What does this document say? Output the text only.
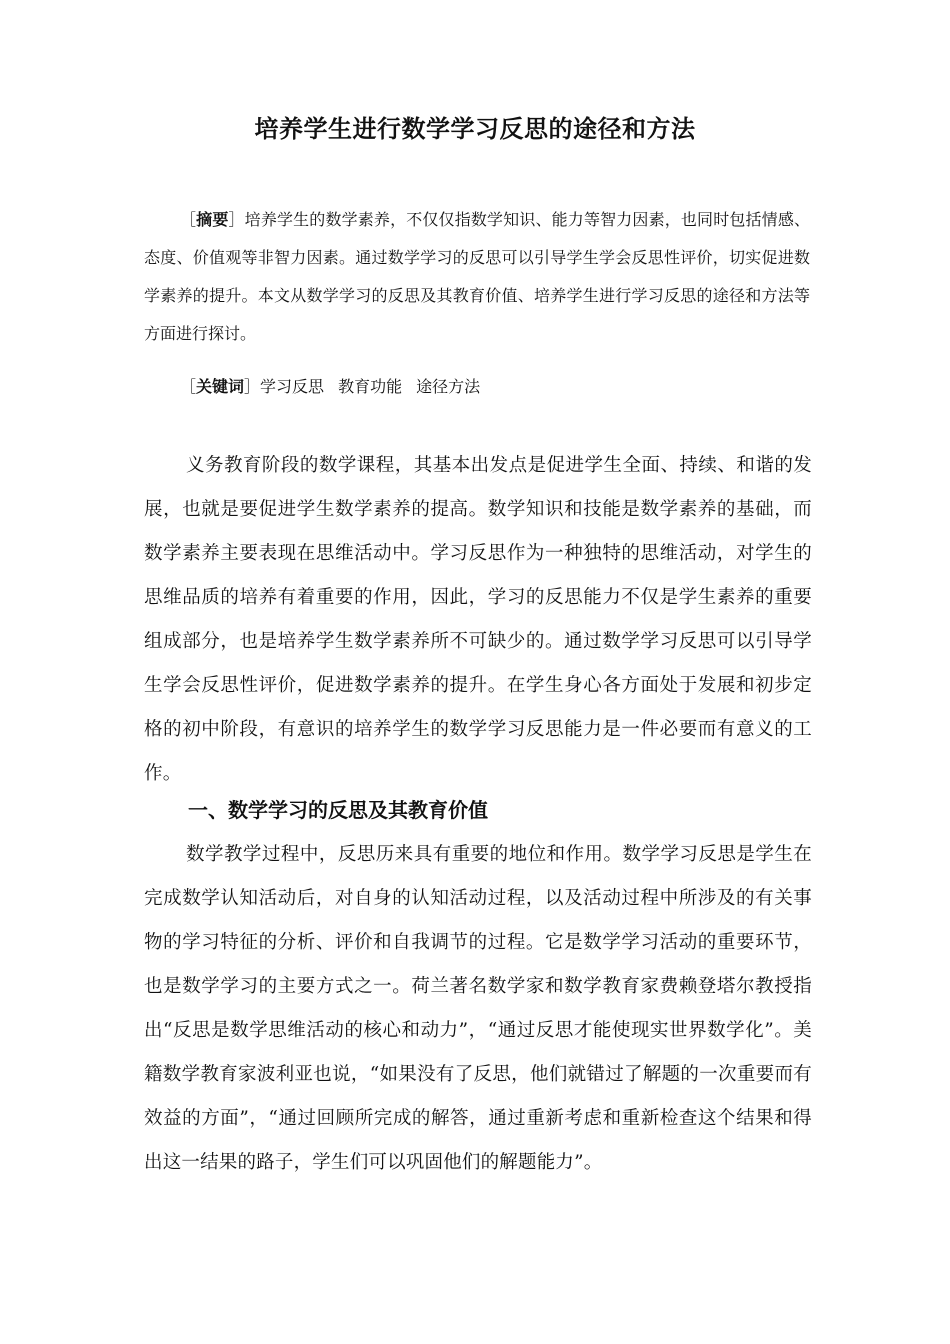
培养学生进行数学学习反思的途径和方法

［摘要］培养学生的数学素养，不仅仅指数学知识、能力等智力因素，也同时包括情感、态度、价值观等非智力因素。通过数学学习的反思可以引导学生学会反思性评价，切实促进数学素养的提升。本文从数学学习的反思及其教育价值、培养学生进行学习反思的途径和方法等方面进行探讨。

［关键词］学习反思 教育功能 途径方法

义务教育阶段的数学课程，其基本出发点是促进学生全面、持续、和谐的发展，也就是要促进学生数学素养的提高。数学知识和技能是数学素养的基础，而数学素养主要表现在思维活动中。学习反思作为一种独特的思维活动，对学生的思维品质的培养有着重要的作用，因此，学习的反思能力不仅是学生素养的重要组成部分，也是培养学生数学素养所不可缺少的。通过数学学习反思可以引导学生学会反思性评价，促进数学素养的提升。在学生身心各方面处于发展和初步定格的初中阶段，有意识的培养学生的数学学习反思能力是一件必要而有意义的工作。

一、数学学习的反思及其教育价值

数学教学过程中，反思历来具有重要的地位和作用。数学学习反思是学生在完成数学认知活动后，对自身的认知活动过程，以及活动过程中所涉及的有关事物的学习特征的分析、评价和自我调节的过程。它是数学学习活动的重要环节，也是数学学习的主要方式之一。荷兰著名数学家和数学教育家费赖登塔尔教授指出“反思是数学思维活动的核心和动力”，“通过反思才能使现实世界数学化”。美籍数学教育家波利亚也说，“如果没有了反思，他们就错过了解题的一次重要而有效益的方面”，“通过回顾所完成的解答，通过重新考虑和重新检查这个结果和得出这一结果的路子，学生们可以巩固他们的解题能力”。
